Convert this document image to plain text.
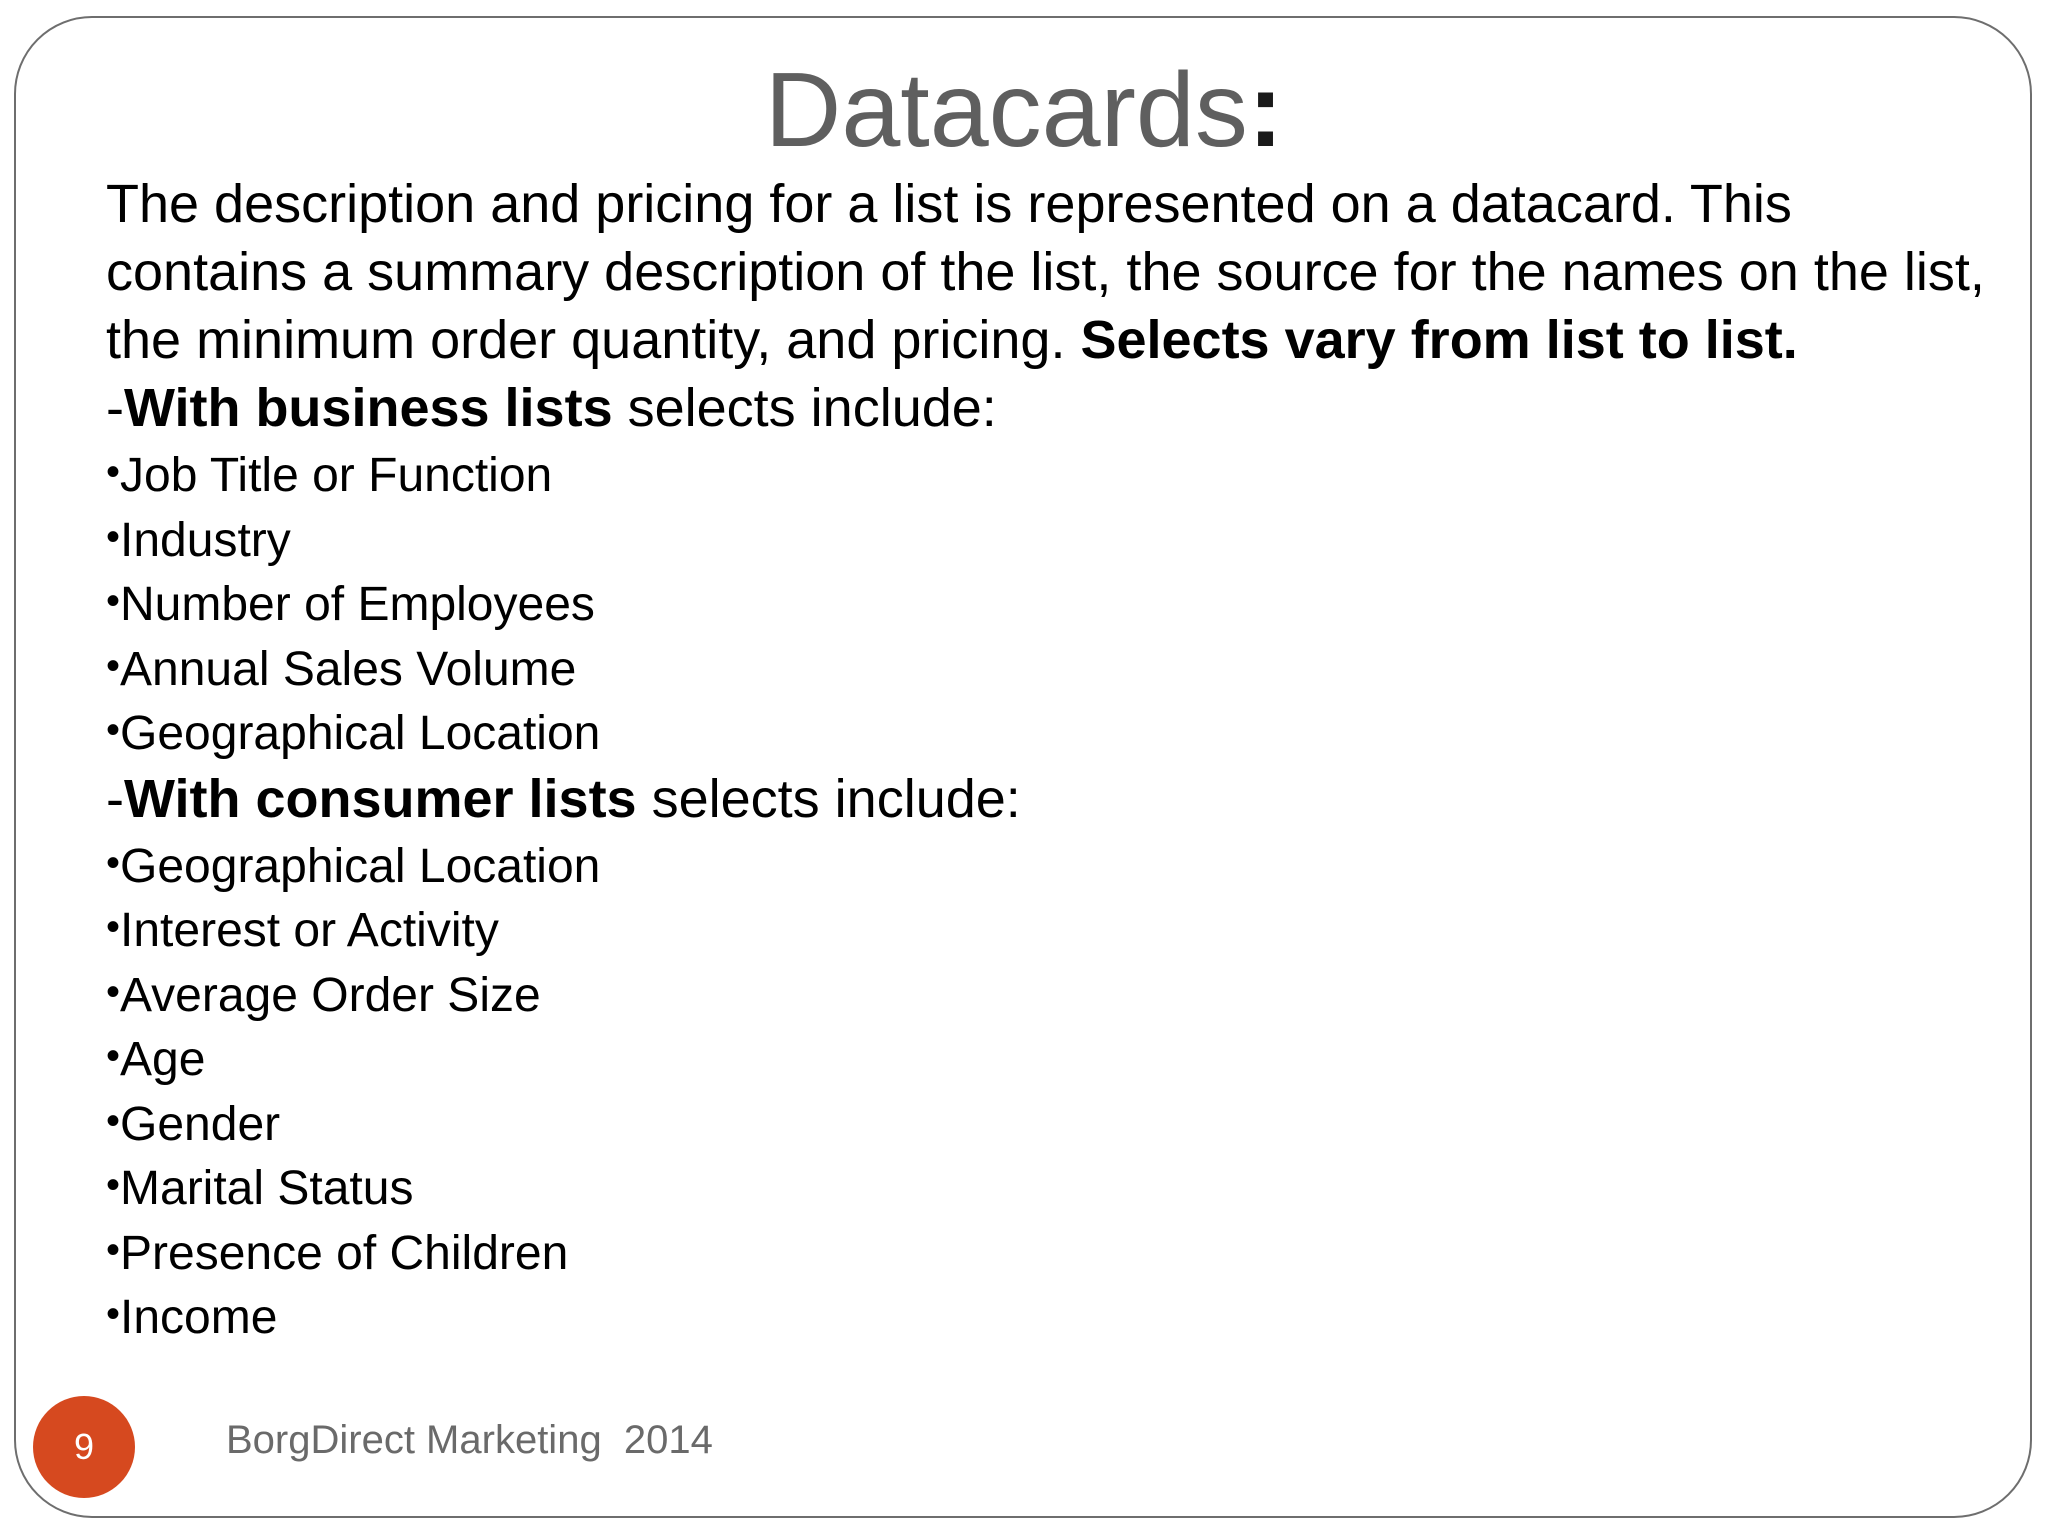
Datacards:

The description and pricing for a list is represented on a datacard. This contains a summary description of the list, the source for the names on the list, the minimum order quantity, and pricing. Selects vary from list to list.

-With business lists selects include:

•Job Title or Function
•Industry
•Number of Employees
•Annual Sales Volume
•Geographical Location

-With consumer lists selects include:

•Geographical Location
•Interest or Activity
•Average Order Size
•Age
•Gender
•Marital Status
•Presence of Children
•Income
9	BorgDirect Marketing  2014
